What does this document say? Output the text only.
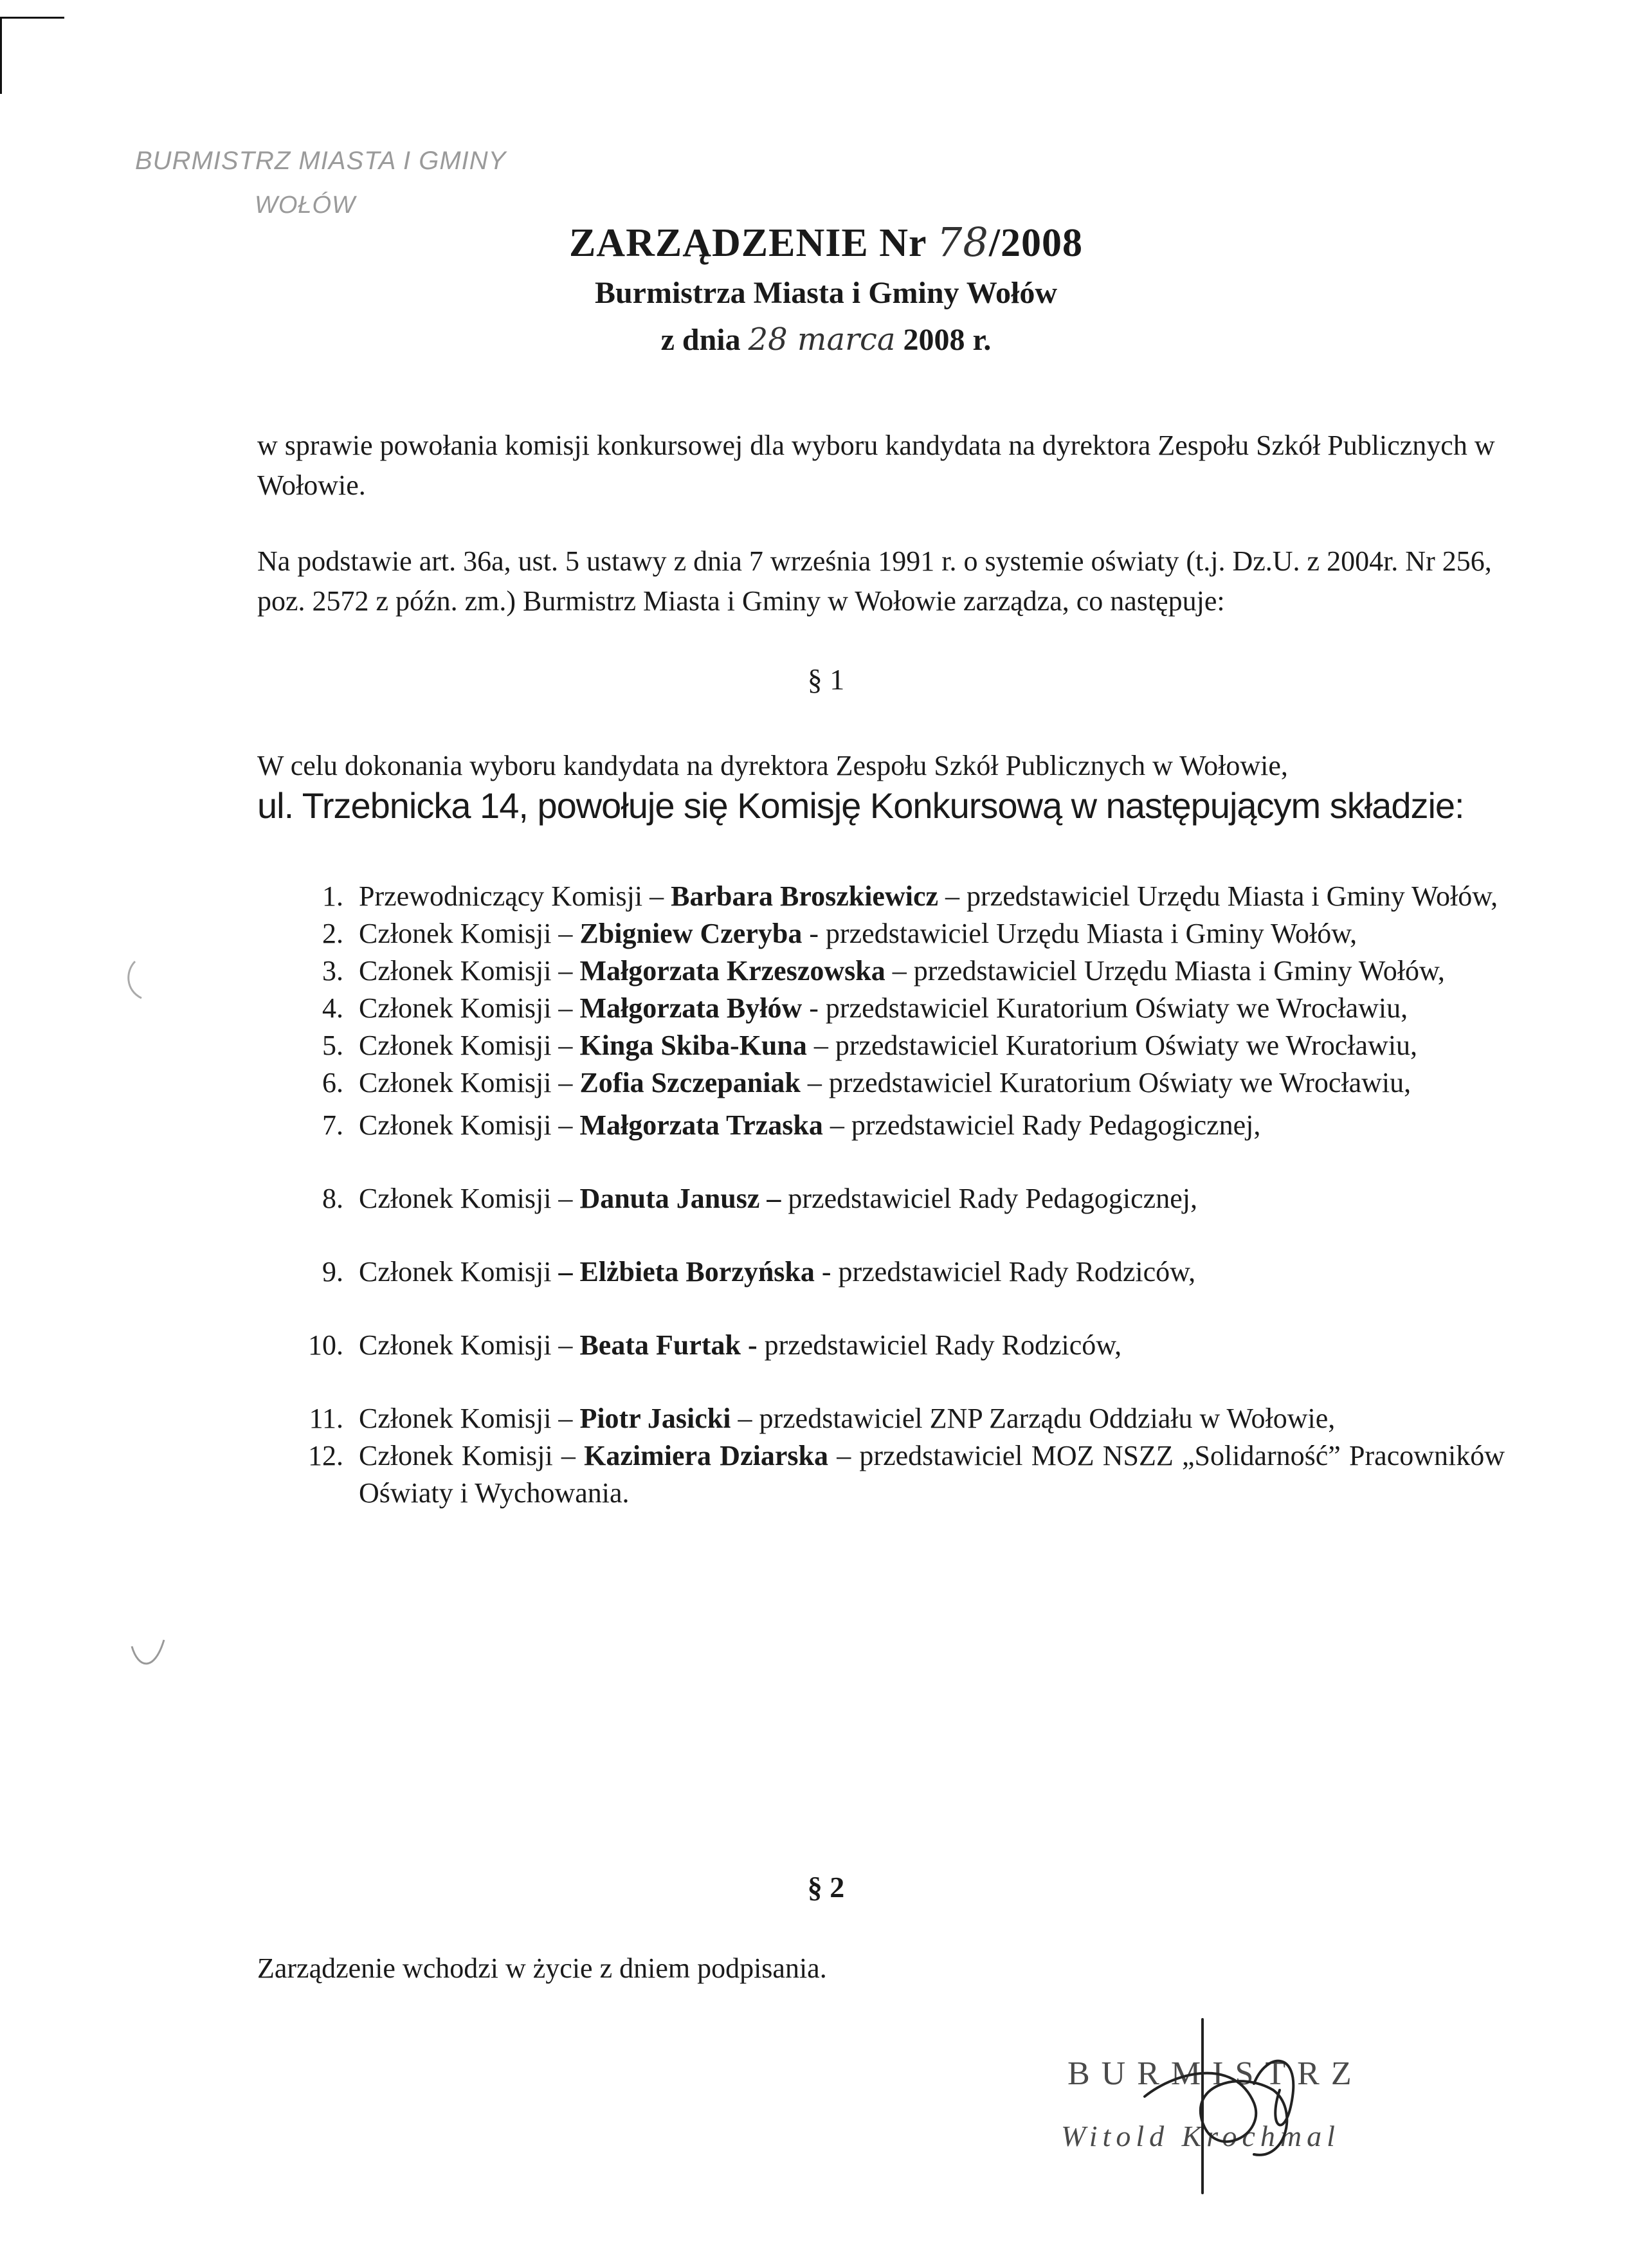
BURMISTRZ MIASTA I GMINY
WOŁÓW
ZARZĄDZENIE Nr 78/2008
Burmistrza Miasta i Gminy Wołów
z dnia 28 marca 2008 r.
w sprawie powołania komisji konkursowej dla wyboru kandydata na dyrektora Zespołu Szkół Publicznych w Wołowie.
Na podstawie art. 36a, ust. 5 ustawy z dnia 7 września 1991 r. o systemie oświaty (t.j. Dz.U. z 2004r. Nr 256, poz. 2572 z późn. zm.) Burmistrz Miasta i Gminy w Wołowie zarządza, co następuje:
§ 1
W celu dokonania wyboru kandydata na dyrektora Zespołu Szkół Publicznych w Wołowie,
ul. Trzebnicka 14, powołuje się Komisję Konkursową w następującym składzie:
1. Przewodniczący Komisji – Barbara Broszkiewicz – przedstawiciel Urzędu Miasta i Gminy Wołów,
2. Członek Komisji – Zbigniew Czeryba - przedstawiciel Urzędu Miasta i Gminy Wołów,
3. Członek Komisji – Małgorzata Krzeszowska – przedstawiciel Urzędu Miasta i Gminy Wołów,
4. Członek Komisji – Małgorzata Byłów - przedstawiciel Kuratorium Oświaty we Wrocławiu,
5. Członek Komisji – Kinga Skiba-Kuna – przedstawiciel Kuratorium Oświaty we Wrocławiu,
6. Członek Komisji – Zofia Szczepaniak – przedstawiciel Kuratorium Oświaty we Wrocławiu,
7. Członek Komisji – Małgorzata Trzaska – przedstawiciel Rady Pedagogicznej,
8. Członek Komisji – Danuta Janusz – przedstawiciel Rady Pedagogicznej,
9. Członek Komisji – Elżbieta Borzyńska - przedstawiciel Rady Rodziców,
10. Członek Komisji – Beata Furtak - przedstawiciel Rady Rodziców,
11. Członek Komisji – Piotr Jasicki – przedstawiciel ZNP Zarządu Oddziału w Wołowie,
12. Członek Komisji – Kazimiera Dziarska – przedstawiciel MOZ NSZZ „Solidarność” Pracowników Oświaty i Wychowania.
§ 2
Zarządzenie wchodzi w życie z dniem podpisania.
BURMISTRZ
Witold Krochmal
